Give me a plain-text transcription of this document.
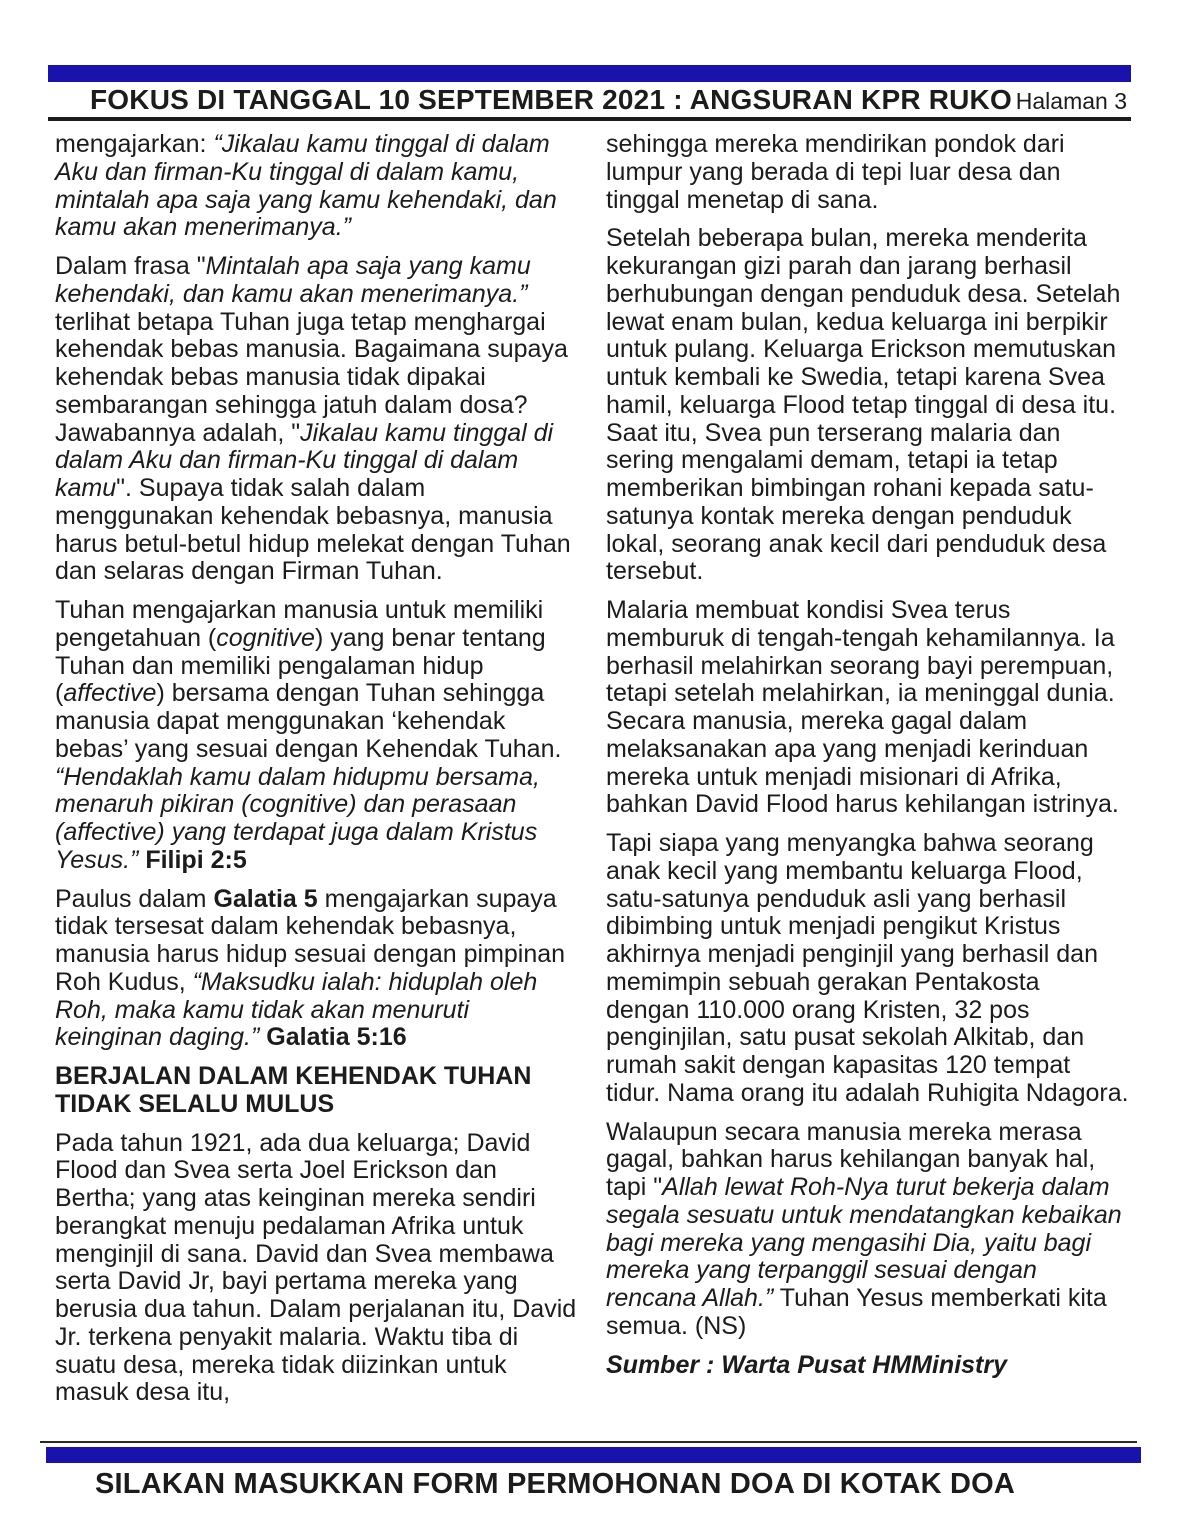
FOKUS DI TANGGAL 10 SEPTEMBER 2021 : ANGSURAN KPR RUKO Halaman 3

mengajarkan: “Jikalau kamu tinggal di dalam Aku dan firman-Ku tinggal di dalam kamu, mintalah apa saja yang kamu kehendaki, dan kamu akan menerimanya.”

Dalam frasa "Mintalah apa saja yang kamu kehendaki, dan kamu akan menerimanya.” terlihat betapa Tuhan juga tetap menghargai kehendak bebas manusia. Bagaimana supaya kehendak bebas manusia tidak dipakai sembarangan sehingga jatuh dalam dosa? Jawabannya adalah, "Jikalau kamu tinggal di dalam Aku dan firman-Ku tinggal di dalam kamu". Supaya tidak salah dalam menggunakan kehendak bebasnya, manusia harus betul-betul hidup melekat dengan Tuhan dan selaras dengan Firman Tuhan.

Tuhan mengajarkan manusia untuk memiliki pengetahuan (cognitive) yang benar tentang Tuhan dan memiliki pengalaman hidup (affective) bersama dengan Tuhan sehingga manusia dapat menggunakan ‘kehendak bebas’ yang sesuai dengan Kehendak Tuhan.

“Hendaklah kamu dalam hidupmu bersama, menaruh pikiran (cognitive) dan perasaan (affective) yang terdapat juga dalam Kristus Yesus.” Filipi 2:5

Paulus dalam Galatia 5 mengajarkan supaya tidak tersesat dalam kehendak bebasnya, manusia harus hidup sesuai dengan pimpinan Roh Kudus, “Maksudku ialah: hiduplah oleh Roh, maka kamu tidak akan menuruti keinginan daging.” Galatia 5:16

BERJALAN DALAM KEHENDAK TUHAN TIDAK SELALU MULUS

Pada tahun 1921, ada dua keluarga; David Flood dan Svea serta Joel Erickson dan Bertha; yang atas keinginan mereka sendiri berangkat menuju pedalaman Afrika untuk menginjil di sana. David dan Svea membawa serta David Jr, bayi pertama mereka yang berusia dua tahun. Dalam perjalanan itu, David Jr. terkena penyakit malaria. Waktu tiba di suatu desa, mereka tidak diizinkan untuk masuk desa itu,

sehingga mereka mendirikan pondok dari lumpur yang berada di tepi luar desa dan tinggal menetap di sana.

Setelah beberapa bulan, mereka menderita kekurangan gizi parah dan jarang berhasil berhubungan dengan penduduk desa. Setelah lewat enam bulan, kedua keluarga ini berpikir untuk pulang. Keluarga Erickson memutuskan untuk kembali ke Swedia, tetapi karena Svea hamil, keluarga Flood tetap tinggal di desa itu. Saat itu, Svea pun terserang malaria dan sering mengalami demam, tetapi ia tetap memberikan bimbingan rohani kepada satu-satunya kontak mereka dengan penduduk lokal, seorang anak kecil dari penduduk desa tersebut.

Malaria membuat kondisi Svea terus memburuk di tengah-tengah kehamilannya. Ia berhasil melahirkan seorang bayi perempuan, tetapi setelah melahirkan, ia meninggal dunia. Secara manusia, mereka gagal dalam melaksanakan apa yang menjadi kerinduan mereka untuk menjadi misionari di Afrika, bahkan David Flood harus kehilangan istrinya.

Tapi siapa yang menyangka bahwa seorang anak kecil yang membantu keluarga Flood, satu-satunya penduduk asli yang berhasil dibimbing untuk menjadi pengikut Kristus akhirnya menjadi penginjil yang berhasil dan memimpin sebuah gerakan Pentakosta dengan 110.000 orang Kristen, 32 pos penginjilan, satu pusat sekolah Alkitab, dan rumah sakit dengan kapasitas 120 tempat tidur. Nama orang itu adalah Ruhigita Ndagora.

Walaupun secara manusia mereka merasa gagal, bahkan harus kehilangan banyak hal, tapi "Allah lewat Roh-Nya turut bekerja dalam segala sesuatu untuk mendatangkan kebaikan bagi mereka yang mengasihi Dia, yaitu bagi mereka yang terpanggil sesuai dengan rencana Allah.” Tuhan Yesus memberkati kita semua. (NS)

Sumber : Warta Pusat HMMinistry

SILAKAN MASUKKAN FORM PERMOHONAN DOA DI KOTAK DOA
